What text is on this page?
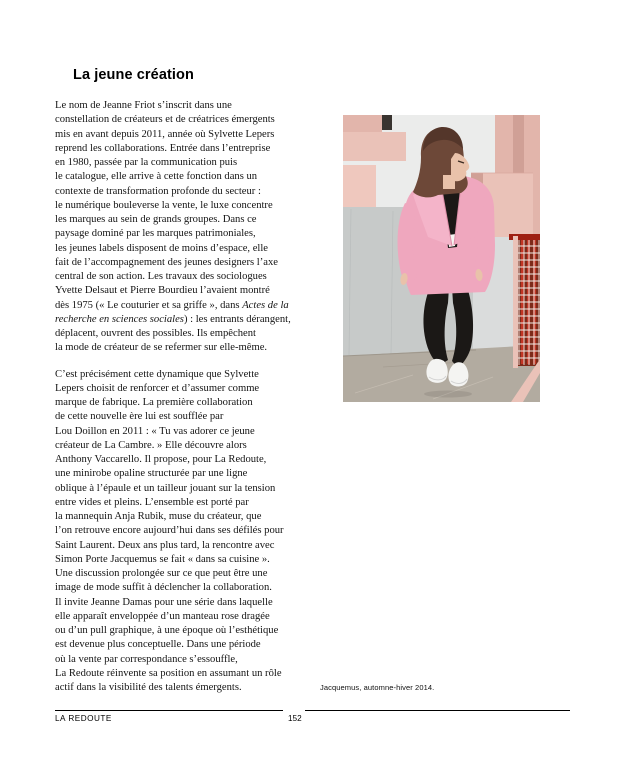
La jeune création
Le nom de Jeanne Friot s’inscrit dans une
constellation de créateurs et de créatrices émergents
mis en avant depuis 2011, année où Sylvette Lepers
reprend les collaborations. Entrée dans l’entreprise
en 1980, passée par la communication puis
le catalogue, elle arrive à cette fonction dans un
contexte de transformation profonde du secteur :
le numérique bouleverse la vente, le luxe concentre
les marques au sein de grands groupes. Dans ce
paysage dominé par les marques patrimoniales,
les jeunes labels disposent de moins d’espace, elle
fait de l’accompagnement des jeunes designers l’axe
central de son action. Les travaux des sociologues
Yvette Delsaut et Pierre Bourdieu l’avaient montré
dès 1975 (« Le couturier et sa griffe », dans Actes de la
recherche en sciences sociales) : les entrants dérangent,
déplacent, ouvrent des possibles. Ils empêchent
la mode de créateur de se refermer sur elle-même.
C’est précisément cette dynamique que Sylvette
Lepers choisit de renforcer et d’assumer comme
marque de fabrique. La première collaboration
de cette nouvelle ère lui est soufflée par
Lou Doillon en 2011 : « Tu vas adorer ce jeune
créateur de La Cambre. » Elle découvre alors
Anthony Vaccarello. Il propose, pour La Redoute,
une minirobe opaline structurée par une ligne
oblique à l’épaule et un tailleur jouant sur la tension
entre vides et pleins. L’ensemble est porté par
la mannequin Anja Rubik, muse du créateur, que
l’on retrouve encore aujourd’hui dans ses défilés pour
Saint Laurent. Deux ans plus tard, la rencontre avec
Simon Porte Jacquemus se fait « dans sa cuisine ».
Une discussion prolongée sur ce que peut être une
image de mode suffit à déclencher la collaboration.
Il invite Jeanne Damas pour une série dans laquelle
elle apparaît enveloppée d’un manteau rose dragée
ou d’un pull graphique, à une époque où l’esthétique
est devenue plus conceptuelle. Dans une période
où la vente par correspondance s’essouffle,
La Redoute réinvente sa position en assumant un rôle
actif dans la visibilité des talents émergents.	Jacquemus, automne-hiver 2014.
LA REDOUTE	152
